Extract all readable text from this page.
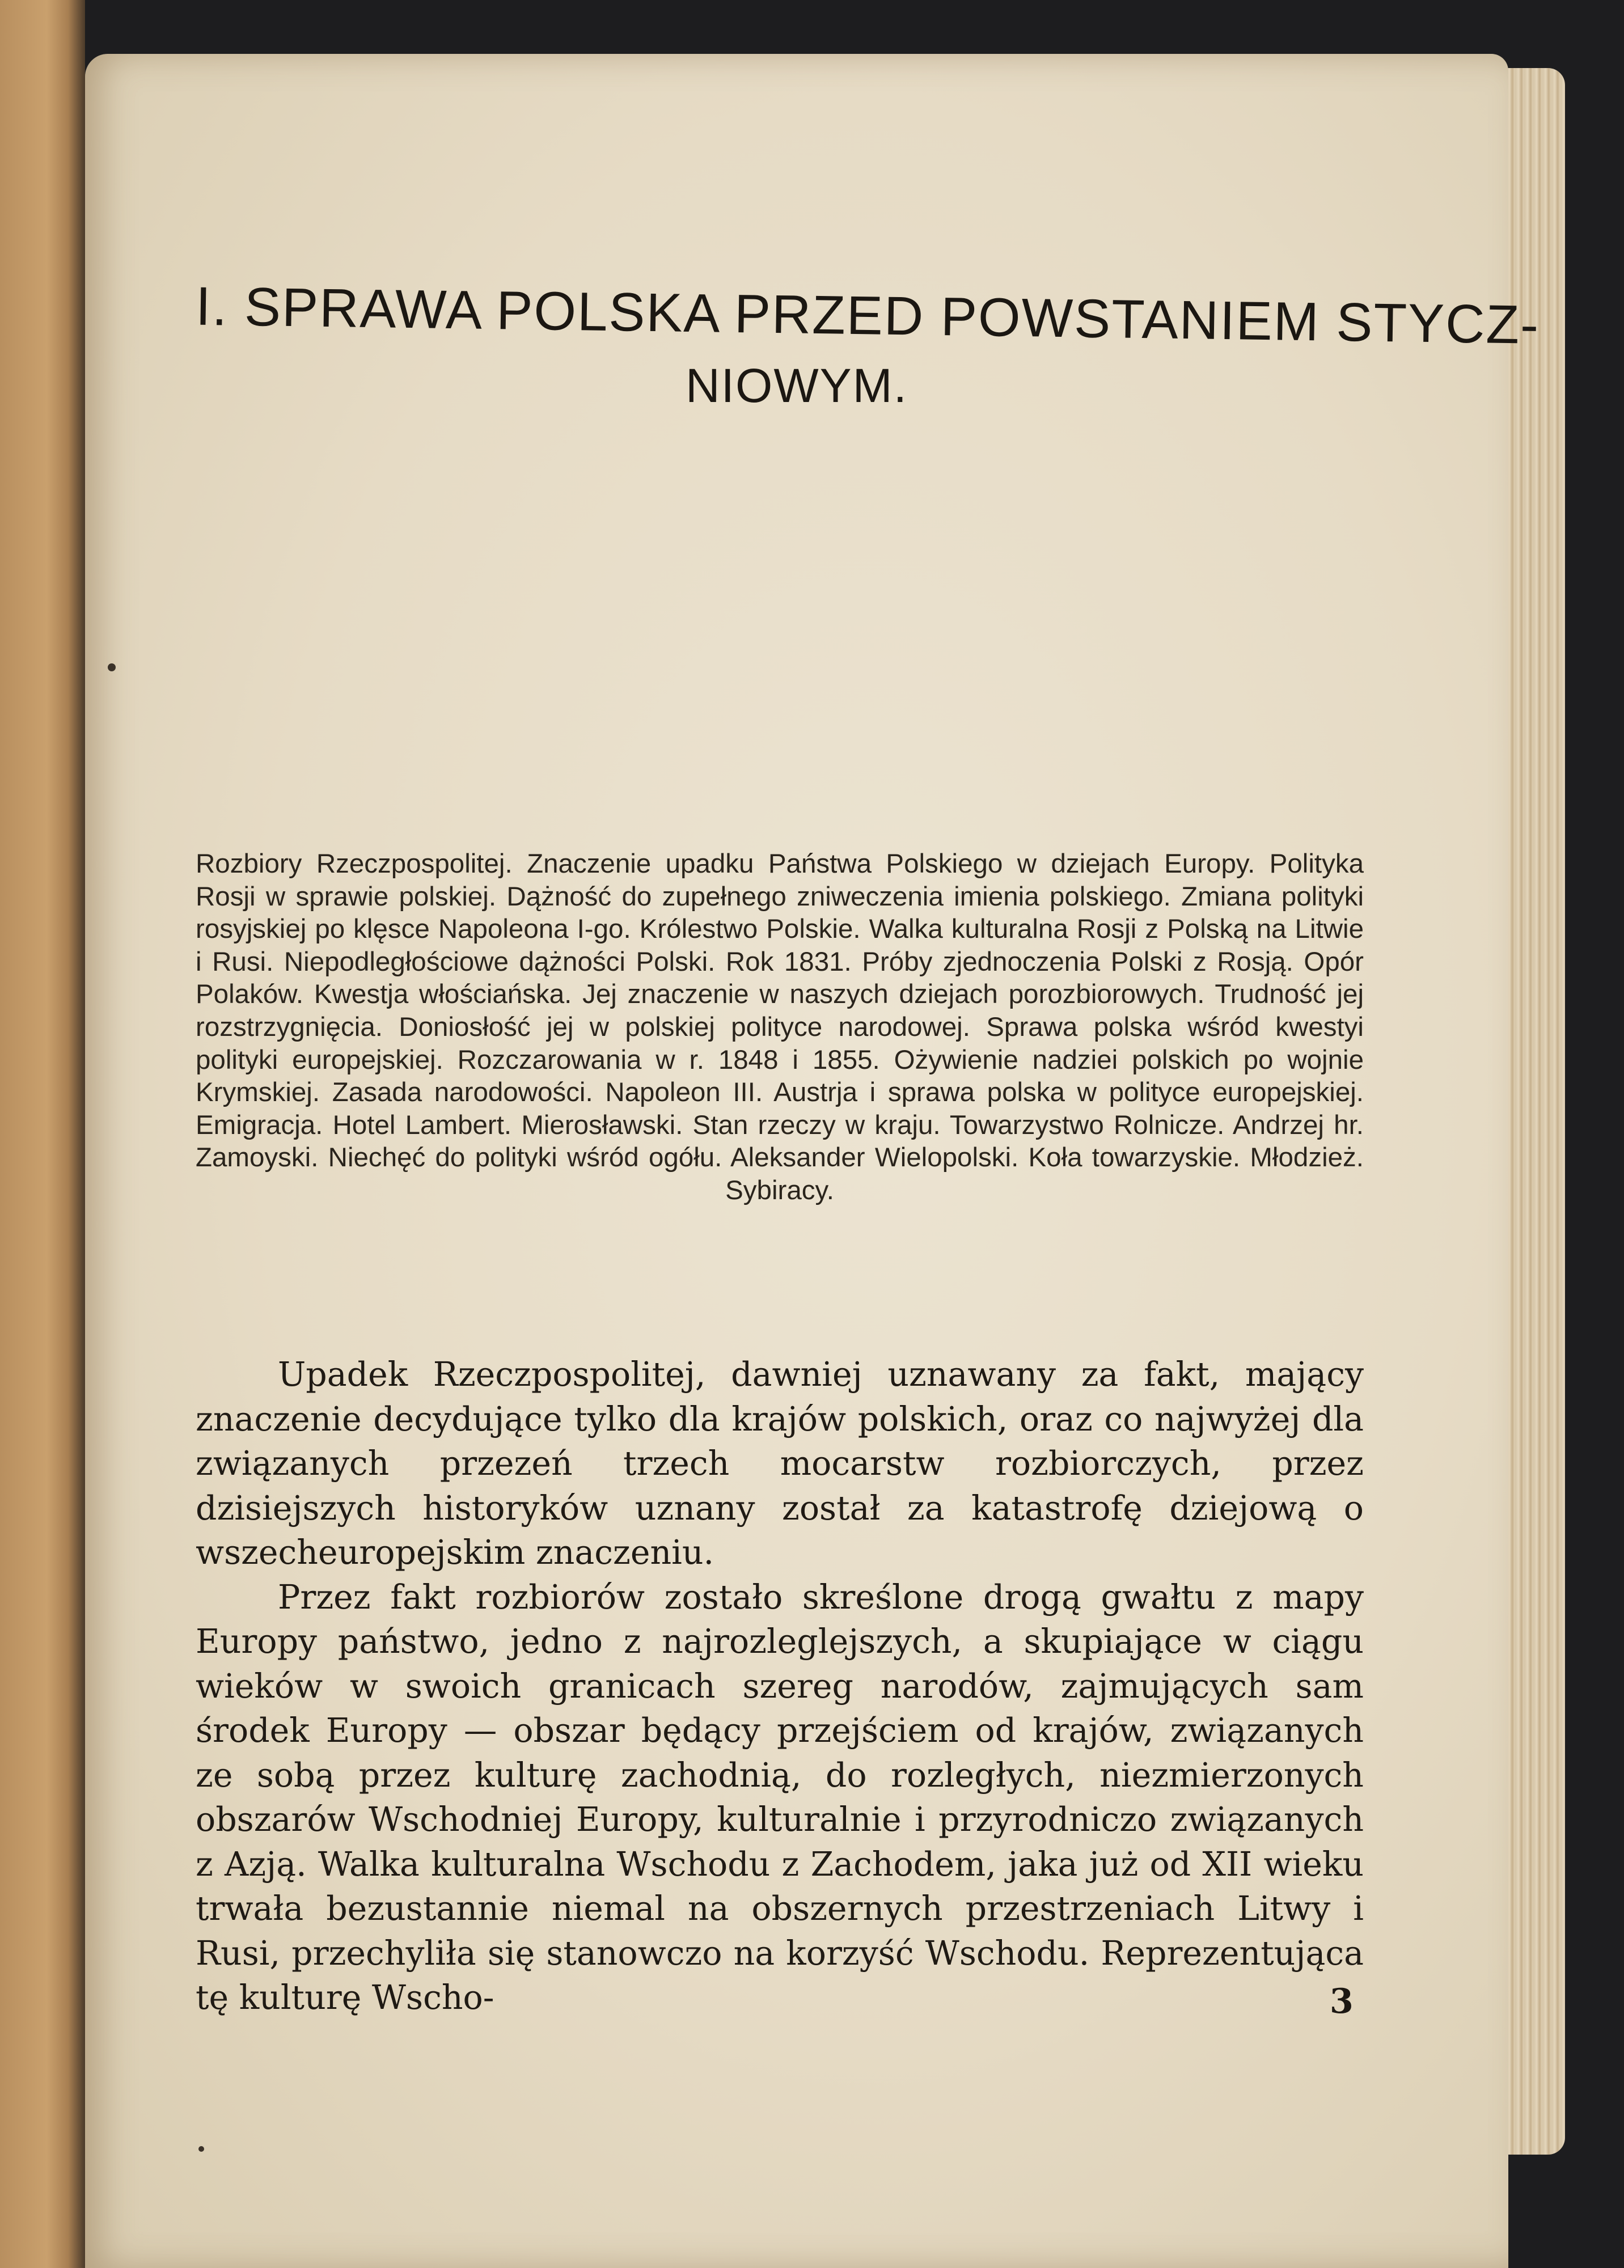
I. SPRAWA POLSKA PRZED POWSTANIEM STYCZ-
NIOWYM.

Rozbiory Rzeczpospolitej. Znaczenie upadku Państwa Polskiego w dziejach Europy. Polityka Rosji w sprawie polskiej. Dążność do zupełnego zniweczenia imienia polskiego. Zmiana polityki rosyjskiej po klęsce Napoleona I-go. Królestwo Polskie. Walka kulturalna Rosji z Polską na Litwie i Rusi. Niepodległościowe dążności Polski. Rok 1831. Próby zjednoczenia Polski z Rosją. Opór Polaków. Kwestja włościańska. Jej znaczenie w naszych dziejach porozbiorowych. Trudność jej rozstrzygnięcia. Doniosłość jej w polskiej polityce narodowej. Sprawa polska wśród kwestyi polityki europejskiej. Rozczarowania w r. 1848 i 1855. Ożywienie nadziei polskich po wojnie Krymskiej. Zasada narodowości. Napoleon III. Austrja i sprawa polska w polityce europejskiej. Emigracja. Hotel Lambert. Mierosławski. Stan rzeczy w kraju. Towarzystwo Rolnicze. Andrzej hr. Zamoyski. Niechęć do polityki wśród ogółu. Aleksander Wielopolski. Koła towarzyskie. Młodzież. Sybiracy.

Upadek Rzeczpospolitej, dawniej uznawany za fakt, mający znaczenie decydujące tylko dla krajów polskich, oraz co najwyżej dla związanych przezeń trzech mocarstw rozbiorczych, przez dzisiejszych historyków uznany został za katastrofę dziejową o wszecheuropejskim znaczeniu.

Przez fakt rozbiorów zostało skreślone drogą gwałtu z mapy Europy państwo, jedno z najrozleglejszych, a skupiające w ciągu wieków w swoich granicach szereg narodów, zajmujących sam środek Europy — obszar będący przejściem od krajów, związanych ze sobą przez kulturę zachodnią, do rozległych, niezmierzonych obszarów Wschodniej Europy, kulturalnie i przyrodniczo związanych z Azją. Walka kulturalna Wschodu z Zachodem, jaka już od XII wieku trwała bezustannie niemal na obszernych przestrzeniach Litwy i Rusi, przechyliła się stanowczo na korzyść Wschodu. Reprezentująca tę kulturę Wscho-	3
